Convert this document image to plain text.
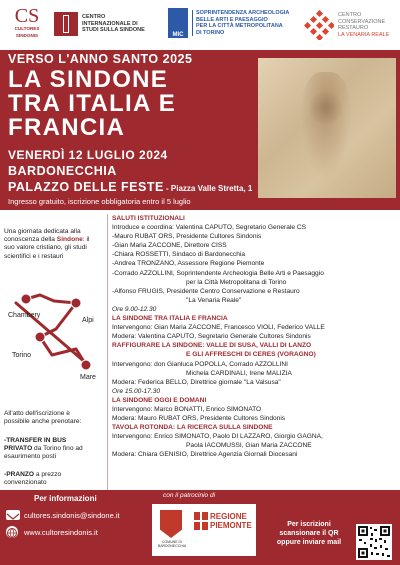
CS
CULTORES
SINDONIS
CENTRO
INTERNAZIONALE DI
STUDI SULLA SINDONE
MIC
SOPRINTENDENZA ARCHEOLOGIA
BELLE ARTI E PAESAGGIO
PER LA CITTÀ METROPOLITANA
DI TORINO
CENTRO
CONSERVAZIONE
RESTAURO
LA VENARIA REALE
VERSO L'ANNO SANTO 2025
LA SINDONE
TRA ITALIA E
FRANCIA
VENERDÌ 12 LUGLIO 2024
BARDONECCHIA
PALAZZO DELLE FESTE - Piazza Valle Stretta, 1
Ingresso gratuito, iscrizione obbligatoria entro il 5 luglio
Una giornata dedicata alla conoscenza della Sindone: il suo valore cristiano, gli studi scientifici e i restauri
Chambery
Alpi
Torino
Mare
All'atto dell'iscrizione è possibile anche prenotare:
-TRANSFER IN BUS PRIVATO da Torino fino ad esaurimento posti
-PRANZO a prezzo convenzionato
SALUTI ISTITUZIONALI
Introduce e coordina: Valentina CAPUTO, Segretario Generale CS
-Mauro RUBAT ORS, Presidente Cultores Sindonis
-Gian Maria ZACCONE, Direttore CISS
-Chiara ROSSETTI, Sindaco di Bardonecchia
-Andrea TRONZANO, Assessore Regione Piemonte
-Corrado AZZOLLINI, Soprintendente Archeologia Belle Arti e Paesaggio
per la Città Metropolitana di Torino
-Alfonso FRUGIS, Presidente Centro Conservazione e Restauro
"La Venaria Reale"
Ore 9.00-12.30
LA SINDONE TRA ITALIA E FRANCIA
Intervengono: Gian Maria ZACCONE, Francesco VIOLI, Federico VALLE
Modera: Valentina CAPUTO, Segretario Generale Cultores Sindonis
RAFFIGURARE LA SINDONE: VALLE DI SUSA, VALLI DI LANZO
E GLI AFFRESCHI DI CERES (VORAGNO)
Intervengono: don Gianluca POPOLLA, Corrado AZZOLLINI
Michela CARDINALI, Irene MALIZIA
Modera: Federica BELLO, Direttrice giornale "La Valsusa"
Ore 15.00-17.30
LA SINDONE OGGI E DOMANI
Intervengono: Marco BONATTI, Enrico SIMONATO
Modera: Mauro RUBAT ORS, Presidente Cultores Sindonis
TAVOLA ROTONDA: LA RICERCA SULLA SINDONE
Intervengono: Enrico SIMONATO, Paolo DI LAZZARO, Giorgio GAGNA,
Paola IACOMUSSI, Gian Maria ZACCONE
Modera: Chiara GENISIO, Direttrice Agenzia Giornali Diocesani
Per informazioni
cultores.sindonis@sindone.it
www.cultoresindonis.it
con il patrocinio di
COMUNE DI BARDONECCHIA
REGIONE
PIEMONTE	Per iscrizioni
scansionare il QR
oppure inviare mail
